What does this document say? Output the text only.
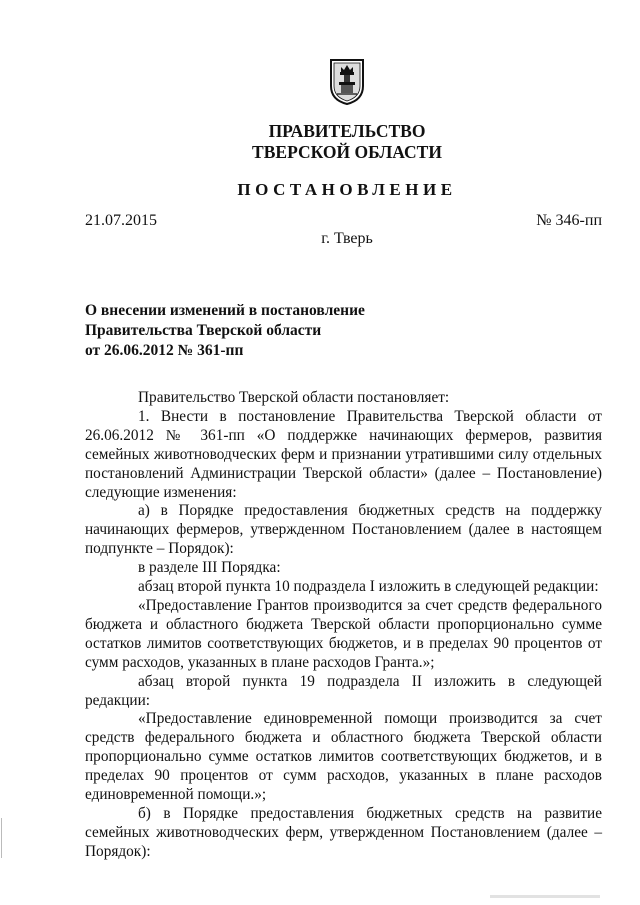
ПРАВИТЕЛЬСТВО
ТВЕРСКОЙ ОБЛАСТИ
ПОСТАНОВЛЕНИЕ
21.07.2015	№ 346-пп
г. Тверь
О внесении изменений в постановление
Правительства Тверской области
от 26.06.2012 № 361-пп

Правительство Тверской области постановляет:

1. Внести в постановление Правительства Тверской области от 26.06.2012 № 361-пп «О поддержке начинающих фермеров, развития семейных животноводческих ферм и признании утратившими силу отдельных постановлений Администрации Тверской области» (далее – Постановление) следующие изменения:

а) в Порядке предоставления бюджетных средств на поддержку начинающих фермеров, утвержденном Постановлением (далее в настоящем подпункте – Порядок):

в разделе III Порядка:

абзац второй пункта 10 подраздела I изложить в следующей редакции:

«Предоставление Грантов производится за счет средств федерального бюджета и областного бюджета Тверской области пропорционально сумме остатков лимитов соответствующих бюджетов, и в пределах 90 процентов от сумм расходов, указанных в плане расходов Гранта.»;

абзац второй пункта 19 подраздела II изложить в следующей редакции:

«Предоставление единовременной помощи производится за счет средств федерального бюджета и областного бюджета Тверской области пропорционально сумме остатков лимитов соответствующих бюджетов, и в пределах 90 процентов от сумм расходов, указанных в плане расходов единовременной помощи.»;

б) в Порядке предоставления бюджетных средств на развитие семейных животноводческих ферм, утвержденном Постановлением (далее – Порядок):
